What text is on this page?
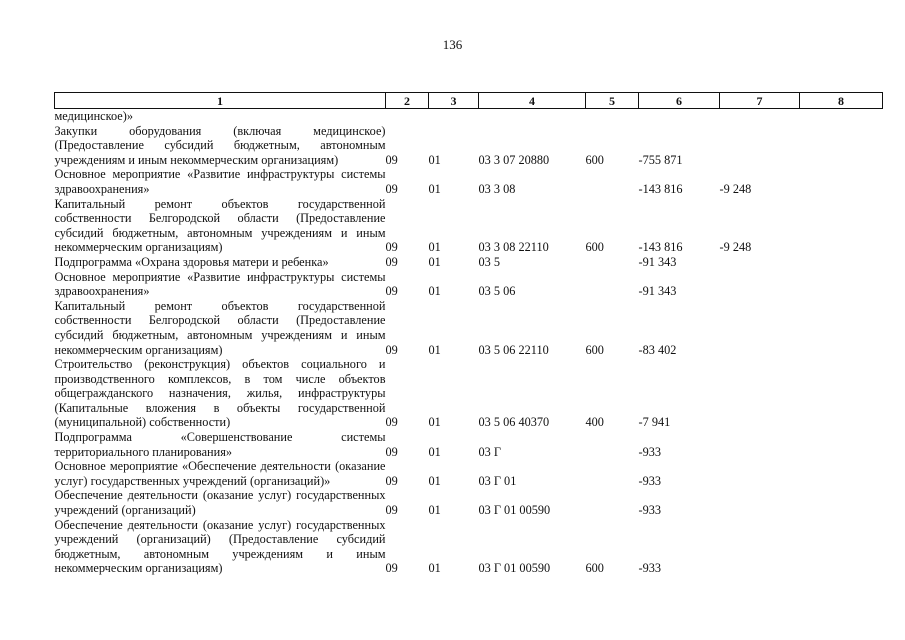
136
1	2	3	4	5	6	7	8
медицинское)»							
Закупки оборудования (включая медицинское) (Предоставление субсидий бюджетным, автономным учреждениям и иным некоммерческим организациям)	09	01	03 3 07 20880	600	-755 871		
Основное мероприятие «Развитие инфраструктуры системы здравоохранения»	09	01	03 3 08		-143 816	-9 248	
Капитальный ремонт объектов государственной собственности Белгородской области (Предоставление субсидий бюджетным, автономным учреждениям и иным некоммерческим организациям)	09	01	03 3 08 22110	600	-143 816	-9 248	
Подпрограмма «Охрана здоровья матери и ребенка»	09	01	03 5		-91 343		
Основное мероприятие «Развитие инфраструктуры системы здравоохранения»	09	01	03 5 06		-91 343		
Капитальный ремонт объектов государственной собственности Белгородской области (Предоставление субсидий бюджетным, автономным учреждениям и иным некоммерческим организациям)	09	01	03 5 06 22110	600	-83 402		
Строительство (реконструкция) объектов социального и производственного комплексов, в том числе объектов общегражданского назначения, жилья, инфраструктуры (Капитальные вложения в объекты государственной (муниципальной) собственности)	09	01	03 5 06 40370	400	-7 941		
Подпрограмма «Совершенствование системы территориального планирования»	09	01	03 Г		-933		
Основное мероприятие «Обеспечение деятельности (оказание услуг) государственных учреждений (организаций)»	09	01	03 Г 01		-933		
Обеспечение деятельности (оказание услуг) государственных учреждений (организаций)	09	01	03 Г 01 00590		-933		
Обеспечение деятельности (оказание услуг) государственных учреждений (организаций) (Предоставление субсидий бюджетным, автономным учреждениям и иным некоммерческим организациям)	09	01	03 Г 01 00590	600	-933		
